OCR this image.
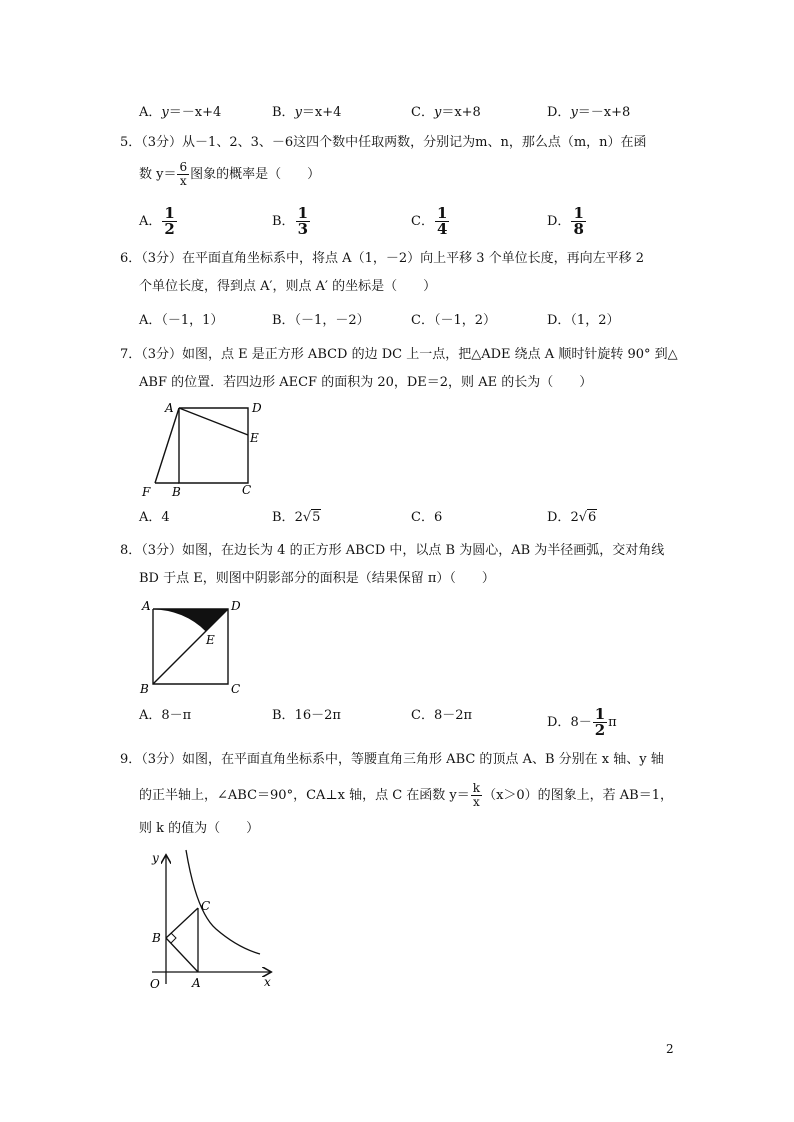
A．y＝－x+4	B．y＝x+4	C．y＝x+8	D．y＝－x+8
5．（3分）从－1、2、3、－6这四个数中任取两数，分别记为m、n，那么点（m，n）在函
数 $y= \frac{6}{x}$ 图象的概率是（　　）
A． $\frac{1}{2}$	B． $\frac{1}{3}$	C． $\frac{1}{4}$	D． $\frac{1}{8}$
6．（3分）在平面直角坐标系中，将点 A（1，－2）向上平移 3 个单位长度，再向左平移 2
个单位长度，得到点 A′，则点 A′ 的坐标是（　　）
A．（－1，1）	B．（－1，－2）	C．（－1，2）	D．（1，2）
7．（3分）如图，点 E 是正方形 ABCD 的边 DC 上一点，把△ADE 绕点 A 顺时针旋转 90° 到△
ABF 的位置．若四边形 AECF 的面积为 20，DE＝2，则 AE 的长为（　　）
A	D
E
F B	C
A．4	B．2√5	C．6	D．2√6
8．（3分）如图，在边长为 4 的正方形 ABCD 中，以点 B 为圆心，AB 为半径画弧，交对角线
BD 于点 E，则图中阴影部分的面积是（结果保留 π）（　　）
A	D
E
B	C
A．8－π	B．16－2π	C．8－2π	D．$8- \frac{1}{2}$ π
9．（3分）如图，在平面直角坐标系中，等腰直角三角形 ABC 的顶点 A、B 分别在 x 轴、y 轴
的正半轴上，∠ABC＝90°，CA⊥x 轴，点 C 在函数 $y= \frac{k}{x} (x>0)$的图象上，若 AB＝1，
则 k 的值为（　　）
y
x
O	A
B
C
2
